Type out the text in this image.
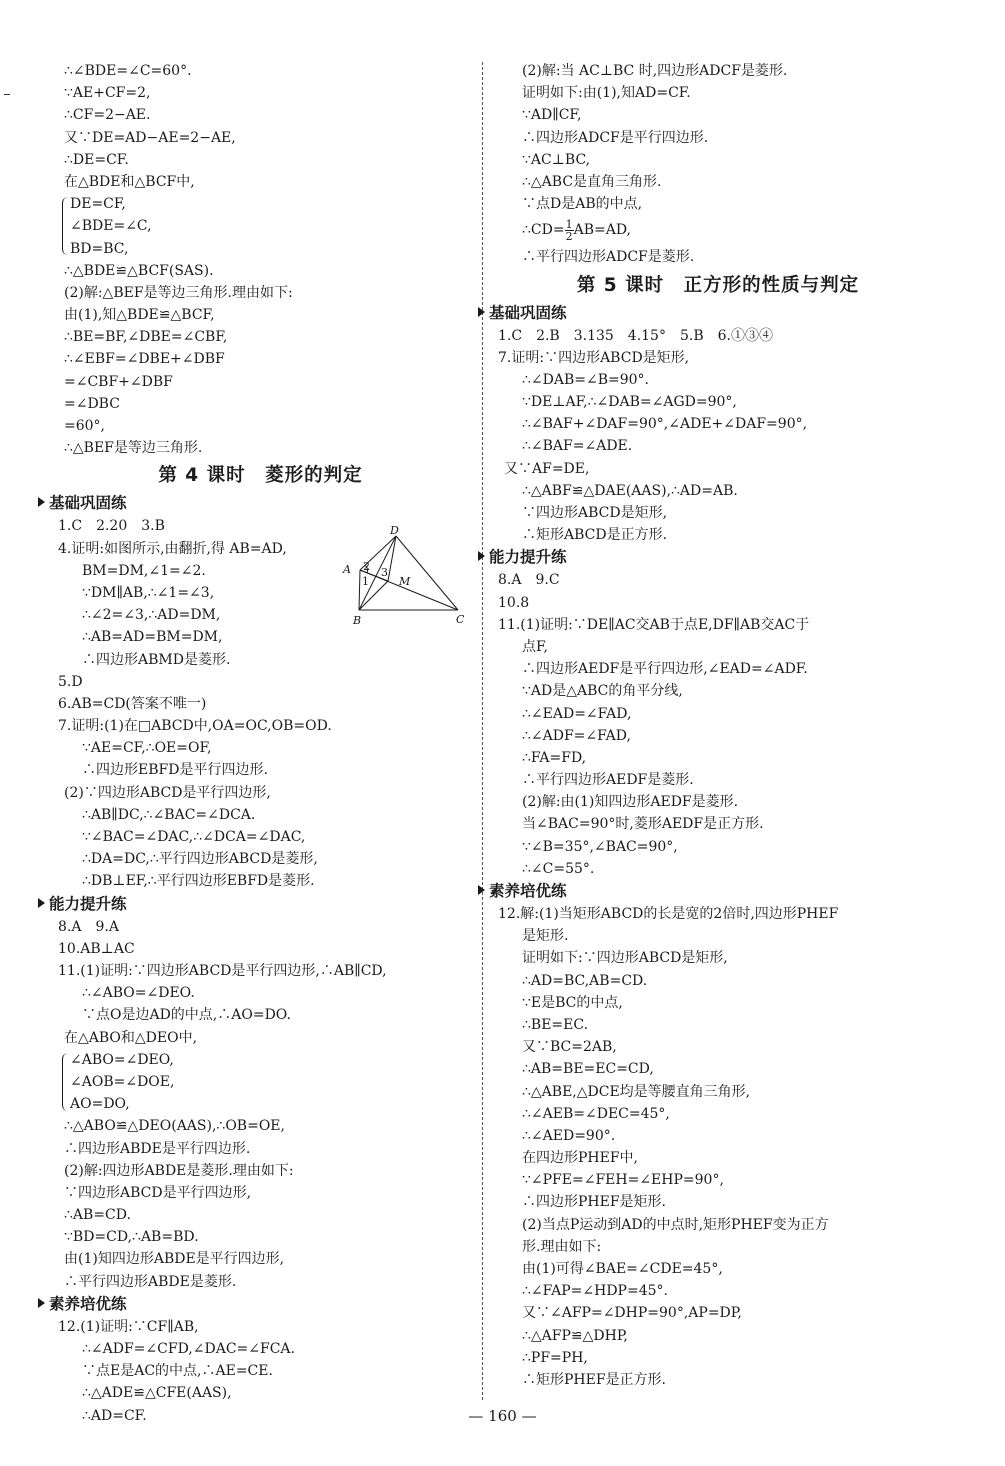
∴∠BDE=∠C=60°.
∵AE+CF=2,
∴CF=2−AE.
又∵DE=AD−AE=2−AE,
∴DE=CF.
在△BDE和△BCF中,
DE=CF,
∠BDE=∠C,
BD=BC,
∴△BDE≌△BCF(SAS).
(2)解:△BEF是等边三角形.理由如下:
由(1),知△BDE≌△BCF,
∴BE=BF,∠DBE=∠CBF,
∴∠EBF=∠DBE+∠DBF
=∠CBF+∠DBF
=∠DBC
=60°,
∴△BEF是等边三角形.
第 4 课时　菱形的判定
基础巩固练
1.C　2.20　3.B
4.证明:如图所示,由翻折,得 AB=AD,
BM=DM,∠1=∠2.
∵DM∥AB,∴∠1=∠3,
∴∠2=∠3,∴AD=DM,
∴AB=AD=BM=DM,
∴四边形ABMD是菱形.
5.D
6.AB=CD(答案不唯一)
7.证明:(1)在□ABCD中,OA=OC,OB=OD.
∵AE=CF,∴OE=OF,
∴四边形EBFD是平行四边形.
(2)∵四边形ABCD是平行四边形,
∴AB∥DC,∴∠BAC=∠DCA.
∵∠BAC=∠DAC,∴∠DCA=∠DAC,
∴DA=DC,∴平行四边形ABCD是菱形,
∴DB⊥EF,∴平行四边形EBFD是菱形.
能力提升练
8.A　9.A
10.AB⊥AC
11.(1)证明:∵四边形ABCD是平行四边形,∴AB∥CD,
∴∠ABO=∠DEO.
∵点O是边AD的中点,∴AO=DO.
在△ABO和△DEO中,
∠ABO=∠DEO,
∠AOB=∠DOE,
AO=DO,
∴△ABO≌△DEO(AAS),∴OB=OE,
∴四边形ABDE是平行四边形.
(2)解:四边形ABDE是菱形.理由如下:
∵四边形ABCD是平行四边形,
∴AB=CD.
∵BD=CD,∴AB=BD.
由(1)知四边形ABDE是平行四边形,
∴平行四边形ABDE是菱形.
素养培优练
12.(1)证明:∵CF∥AB,
∴∠ADF=∠CFD,∠DAC=∠FCA.
∵点E是AC的中点,∴AE=CE.
∴△ADE≌△CFE(AAS),
∴AD=CF.
D
A 2
1
3
M
B	C
(2)解:当 AC⊥BC 时,四边形ADCF是菱形.
证明如下:由(1),知AD=CF.
∵AD∥CF,
∴四边形ADCF是平行四边形.
∵AC⊥BC,
∴△ABC是直角三角形.
∵点D是AB的中点,
∴CD= $\frac{1}{2} AB=AD$,
∴平行四边形ADCF是菱形.
第 5 课时　正方形的性质与判定
基础巩固练
1.C　2.B　3.135　4.15°　5.B　6.①③④
7.证明:∵四边形ABCD是矩形,
∴∠DAB=∠B=90°.
∵DE⊥AF,∴∠DAB=∠AGD=90°,
∴∠BAF+∠DAF=90°,∠ADE+∠DAF=90°,
∴∠BAF=∠ADE.
又∵AF=DE,
∴△ABF≌△DAE(AAS),∴AD=AB.
∵四边形ABCD是矩形,
∴矩形ABCD是正方形.
能力提升练
8.A　9.C
10.8
11.(1)证明:∵DE∥AC交AB于点E,DF∥AB交AC于
点F,
∴四边形AEDF是平行四边形,∠EAD=∠ADF.
∵AD是△ABC的角平分线,
∴∠EAD=∠FAD,
∴∠ADF=∠FAD,
∴FA=FD,
∴平行四边形AEDF是菱形.
(2)解:由(1)知四边形AEDF是菱形.
当∠BAC=90°时,菱形AEDF是正方形.
∵∠B=35°,∠BAC=90°,
∴∠C=55°.
素养培优练
12.解:(1)当矩形ABCD的长是宽的2倍时,四边形PHEF
是矩形.
证明如下:∵四边形ABCD是矩形,
∴AD=BC,AB=CD.
∵E是BC的中点,
∴BE=EC.
又∵BC=2AB,
∴AB=BE=EC=CD,
∴△ABE,△DCE均是等腰直角三角形,
∴∠AEB=∠DEC=45°,
∴∠AED=90°.
在四边形PHEF中,
∵∠PFE=∠FEH=∠EHP=90°,
∴四边形PHEF是矩形.
(2)当点P运动到AD的中点时,矩形PHEF变为正方
形.理由如下:
由(1)可得∠BAE=∠CDE=45°,
∴∠FAP=∠HDP=45°.
又∵∠AFP=∠DHP=90°,AP=DP,
∴△AFP≌△DHP,
∴PF=PH,
∴矩形PHEF是正方形.
— 160 —
